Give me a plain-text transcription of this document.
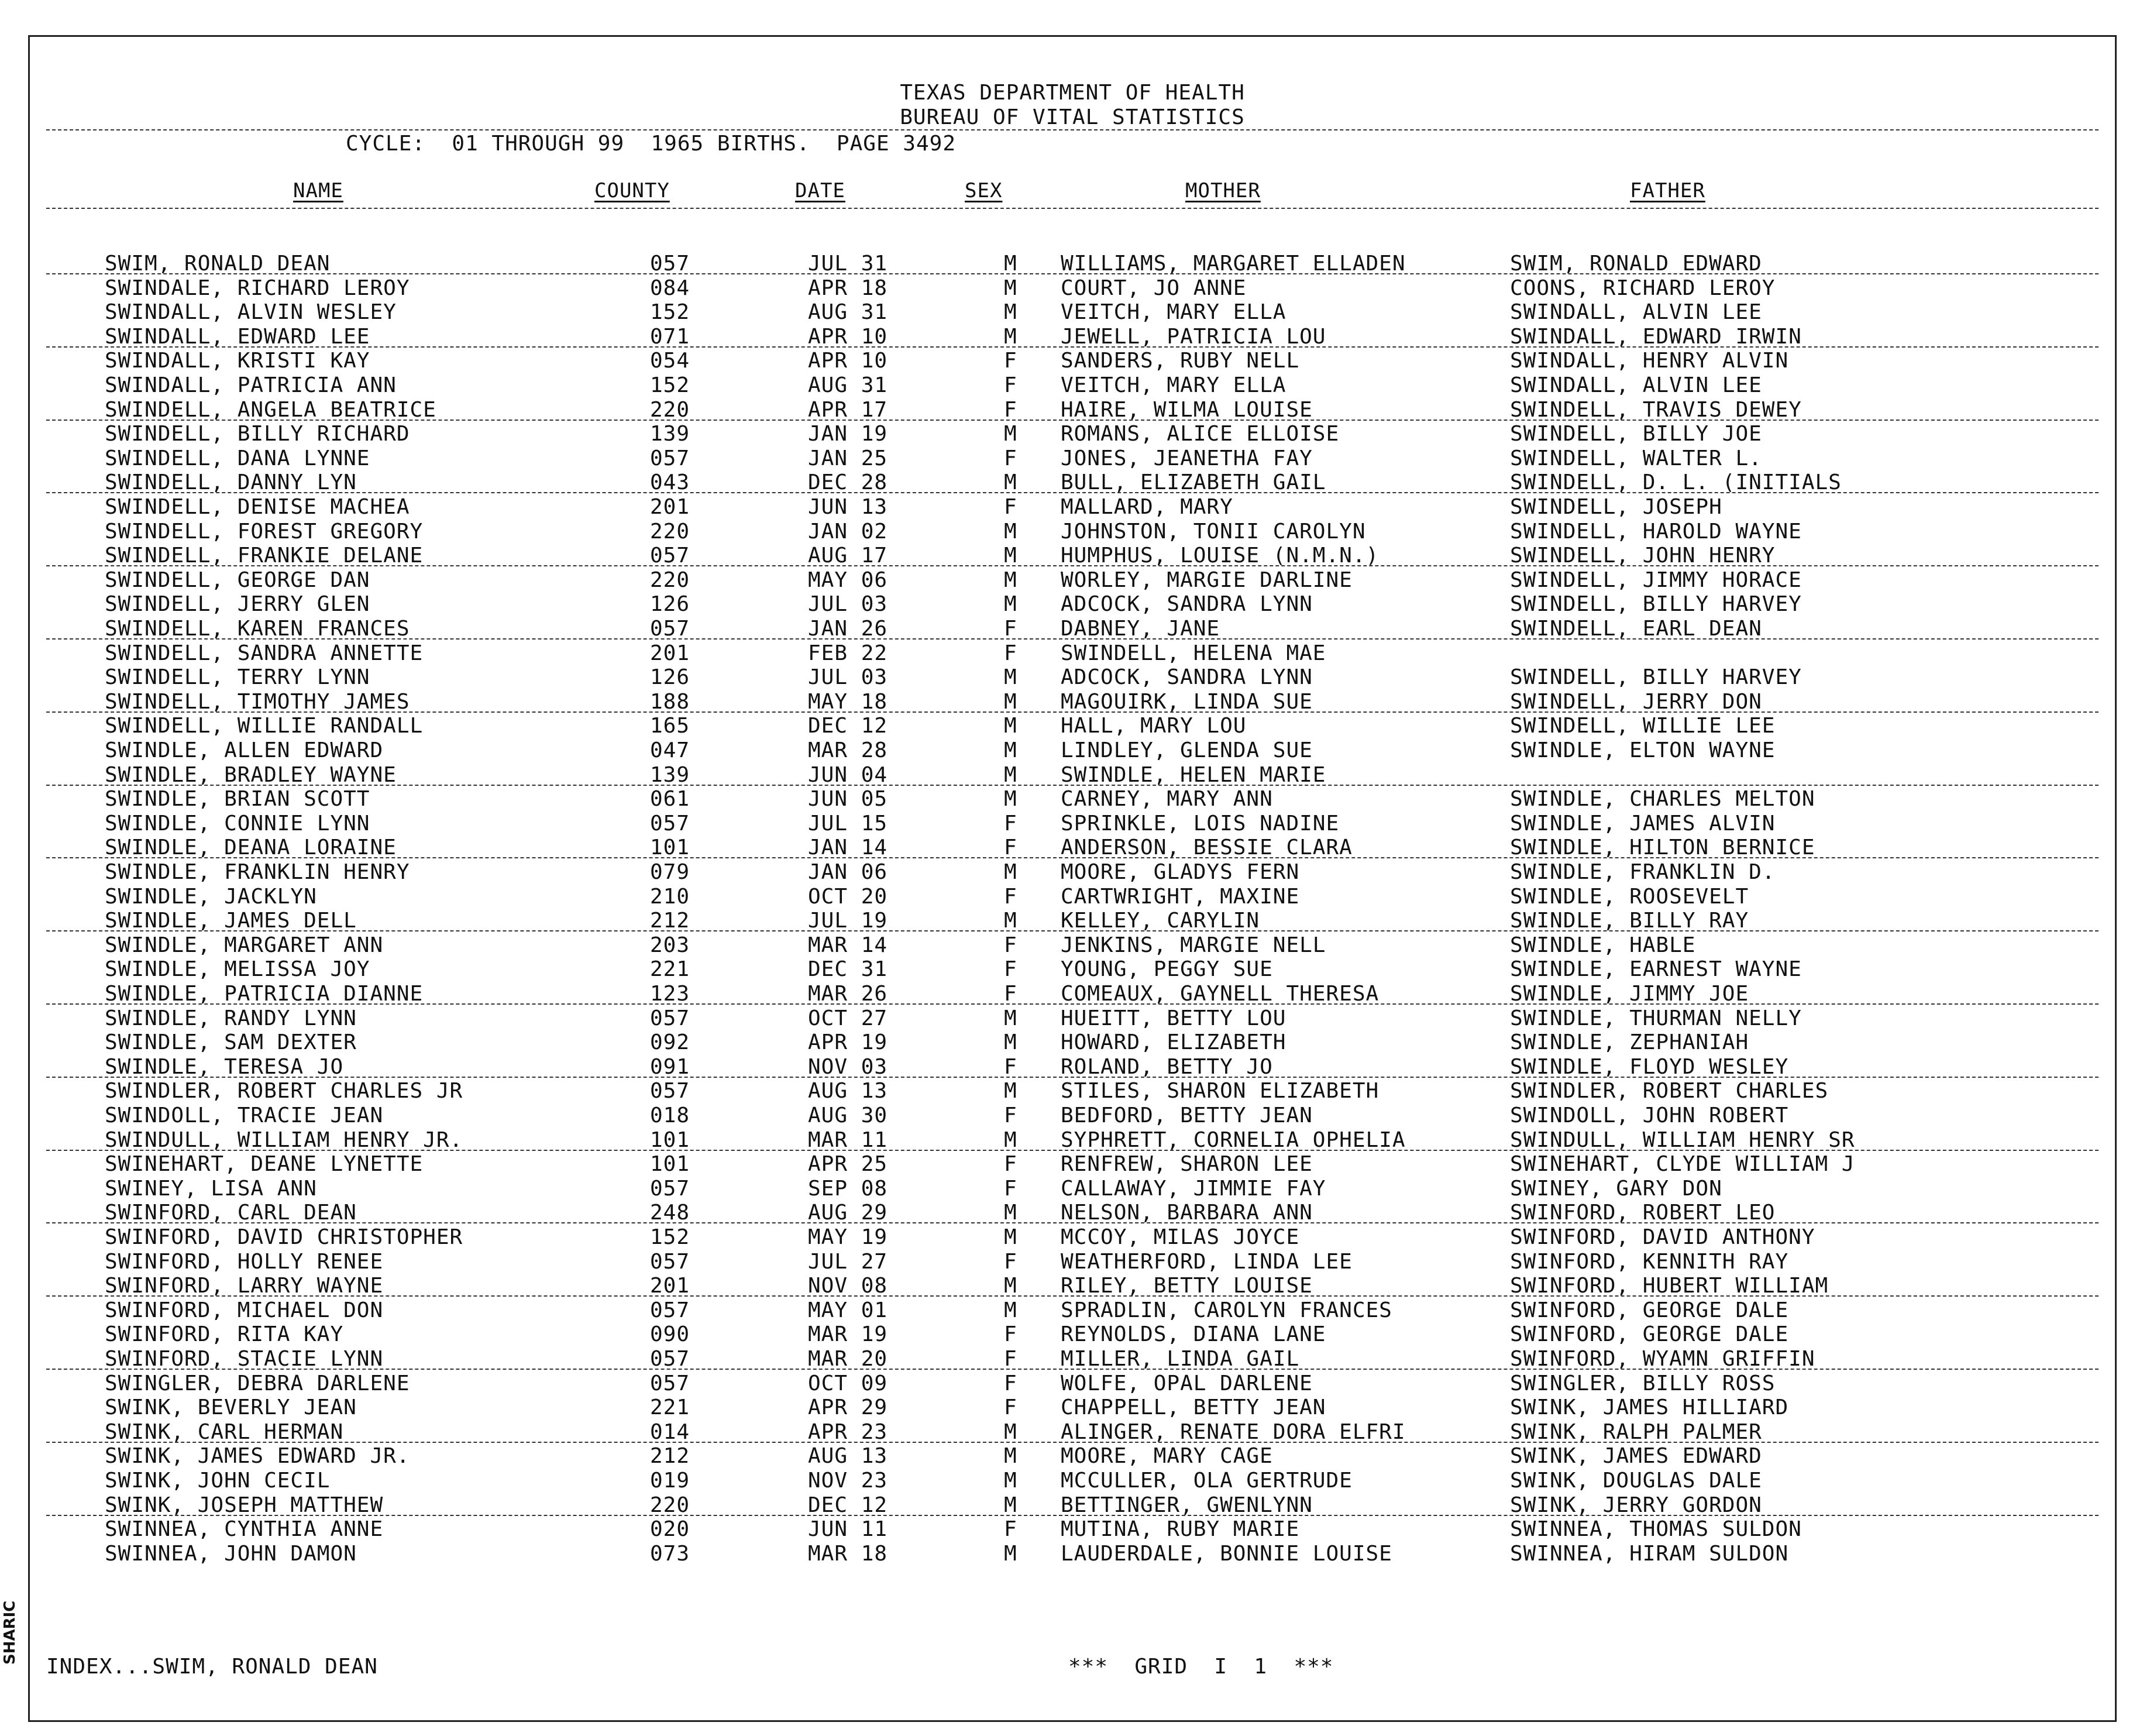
SHARIC
TEXAS DEPARTMENT OF HEALTH
BUREAU OF VITAL STATISTICS
CYCLE:  01 THROUGH 99  1965 BIRTHS.  PAGE 3492
NAME	COUNTY	DATE	SEX	MOTHER	FATHER
SWIM, RONALD DEAN	057	JUL 31	M WILLIAMS, MARGARET ELLADEN	SWIM, RONALD EDWARD
SWINDALE, RICHARD LEROY	084	APR 18	M COURT, JO ANNE	COONS, RICHARD LEROY
SWINDALL, ALVIN WESLEY	152	AUG 31	M VEITCH, MARY ELLA	SWINDALL, ALVIN LEE
SWINDALL, EDWARD LEE	071	APR 10	M JEWELL, PATRICIA LOU	SWINDALL, EDWARD IRWIN
SWINDALL, KRISTI KAY	054	APR 10	F SANDERS, RUBY NELL	SWINDALL, HENRY ALVIN
SWINDALL, PATRICIA ANN	152	AUG 31	F VEITCH, MARY ELLA	SWINDALL, ALVIN LEE
SWINDELL, ANGELA BEATRICE	220	APR 17	F HAIRE, WILMA LOUISE	SWINDELL, TRAVIS DEWEY
SWINDELL, BILLY RICHARD	139	JAN 19	M ROMANS, ALICE ELLOISE	SWINDELL, BILLY JOE
SWINDELL, DANA LYNNE	057	JAN 25	F JONES, JEANETHA FAY	SWINDELL, WALTER L.
SWINDELL, DANNY LYN	043	DEC 28	M BULL, ELIZABETH GAIL	SWINDELL, D. L. (INITIALS
SWINDELL, DENISE MACHEA	201	JUN 13	F MALLARD, MARY	SWINDELL, JOSEPH
SWINDELL, FOREST GREGORY	220	JAN 02	M JOHNSTON, TONII CAROLYN	SWINDELL, HAROLD WAYNE
SWINDELL, FRANKIE DELANE	057	AUG 17	M HUMPHUS, LOUISE (N.M.N.)	SWINDELL, JOHN HENRY
SWINDELL, GEORGE DAN	220	MAY 06	M WORLEY, MARGIE DARLINE	SWINDELL, JIMMY HORACE
SWINDELL, JERRY GLEN	126	JUL 03	M ADCOCK, SANDRA LYNN	SWINDELL, BILLY HARVEY
SWINDELL, KAREN FRANCES	057	JAN 26	F DABNEY, JANE	SWINDELL, EARL DEAN
SWINDELL, SANDRA ANNETTE	201	FEB 22	F SWINDELL, HELENA MAE
SWINDELL, TERRY LYNN	126	JUL 03	M ADCOCK, SANDRA LYNN	SWINDELL, BILLY HARVEY
SWINDELL, TIMOTHY JAMES	188	MAY 18	M MAGOUIRK, LINDA SUE	SWINDELL, JERRY DON
SWINDELL, WILLIE RANDALL	165	DEC 12	M HALL, MARY LOU	SWINDELL, WILLIE LEE
SWINDLE, ALLEN EDWARD	047	MAR 28	M LINDLEY, GLENDA SUE	SWINDLE, ELTON WAYNE
SWINDLE, BRADLEY WAYNE	139	JUN 04	M SWINDLE, HELEN MARIE
SWINDLE, BRIAN SCOTT	061	JUN 05	M CARNEY, MARY ANN	SWINDLE, CHARLES MELTON
SWINDLE, CONNIE LYNN	057	JUL 15	F SPRINKLE, LOIS NADINE	SWINDLE, JAMES ALVIN
SWINDLE, DEANA LORAINE	101	JAN 14	F ANDERSON, BESSIE CLARA	SWINDLE, HILTON BERNICE
SWINDLE, FRANKLIN HENRY	079	JAN 06	M MOORE, GLADYS FERN	SWINDLE, FRANKLIN D.
SWINDLE, JACKLYN	210	OCT 20	F CARTWRIGHT, MAXINE	SWINDLE, ROOSEVELT
SWINDLE, JAMES DELL	212	JUL 19	M KELLEY, CARYLIN	SWINDLE, BILLY RAY
SWINDLE, MARGARET ANN	203	MAR 14	F JENKINS, MARGIE NELL	SWINDLE, HABLE
SWINDLE, MELISSA JOY	221	DEC 31	F YOUNG, PEGGY SUE	SWINDLE, EARNEST WAYNE
SWINDLE, PATRICIA DIANNE	123	MAR 26	F COMEAUX, GAYNELL THERESA	SWINDLE, JIMMY JOE
SWINDLE, RANDY LYNN	057	OCT 27	M HUEITT, BETTY LOU	SWINDLE, THURMAN NELLY
SWINDLE, SAM DEXTER	092	APR 19	M HOWARD, ELIZABETH	SWINDLE, ZEPHANIAH
SWINDLE, TERESA JO	091	NOV 03	F ROLAND, BETTY JO	SWINDLE, FLOYD WESLEY
SWINDLER, ROBERT CHARLES JR	057	AUG 13	M STILES, SHARON ELIZABETH	SWINDLER, ROBERT CHARLES
SWINDOLL, TRACIE JEAN	018	AUG 30	F BEDFORD, BETTY JEAN	SWINDOLL, JOHN ROBERT
SWINDULL, WILLIAM HENRY JR.	101	MAR 11	M SYPHRETT, CORNELIA OPHELIA	SWINDULL, WILLIAM HENRY SR
SWINEHART, DEANE LYNETTE	101	APR 25	F RENFREW, SHARON LEE	SWINEHART, CLYDE WILLIAM J
SWINEY, LISA ANN	057	SEP 08	F CALLAWAY, JIMMIE FAY	SWINEY, GARY DON
SWINFORD, CARL DEAN	248	AUG 29	M NELSON, BARBARA ANN	SWINFORD, ROBERT LEO
SWINFORD, DAVID CHRISTOPHER	152	MAY 19	M MCCOY, MILAS JOYCE	SWINFORD, DAVID ANTHONY
SWINFORD, HOLLY RENEE	057	JUL 27	F WEATHERFORD, LINDA LEE	SWINFORD, KENNITH RAY
SWINFORD, LARRY WAYNE	201	NOV 08	M RILEY, BETTY LOUISE	SWINFORD, HUBERT WILLIAM
SWINFORD, MICHAEL DON	057	MAY 01	M SPRADLIN, CAROLYN FRANCES	SWINFORD, GEORGE DALE
SWINFORD, RITA KAY	090	MAR 19	F REYNOLDS, DIANA LANE	SWINFORD, GEORGE DALE
SWINFORD, STACIE LYNN	057	MAR 20	F MILLER, LINDA GAIL	SWINFORD, WYAMN GRIFFIN
SWINGLER, DEBRA DARLENE	057	OCT 09	F WOLFE, OPAL DARLENE	SWINGLER, BILLY ROSS
SWINK, BEVERLY JEAN	221	APR 29	F CHAPPELL, BETTY JEAN	SWINK, JAMES HILLIARD
SWINK, CARL HERMAN	014	APR 23	M ALINGER, RENATE DORA ELFRI	SWINK, RALPH PALMER
SWINK, JAMES EDWARD JR.	212	AUG 13	M MOORE, MARY CAGE	SWINK, JAMES EDWARD
SWINK, JOHN CECIL	019	NOV 23	M MCCULLER, OLA GERTRUDE	SWINK, DOUGLAS DALE
SWINK, JOSEPH MATTHEW	220	DEC 12	M BETTINGER, GWENLYNN	SWINK, JERRY GORDON
SWINNEA, CYNTHIA ANNE	020	JUN 11	F MUTINA, RUBY MARIE	SWINNEA, THOMAS SULDON
SWINNEA, JOHN DAMON	073	MAR 18	M LAUDERDALE, BONNIE LOUISE	SWINNEA, HIRAM SULDON
INDEX...SWIM, RONALD DEAN	***  GRID  I  1  ***
